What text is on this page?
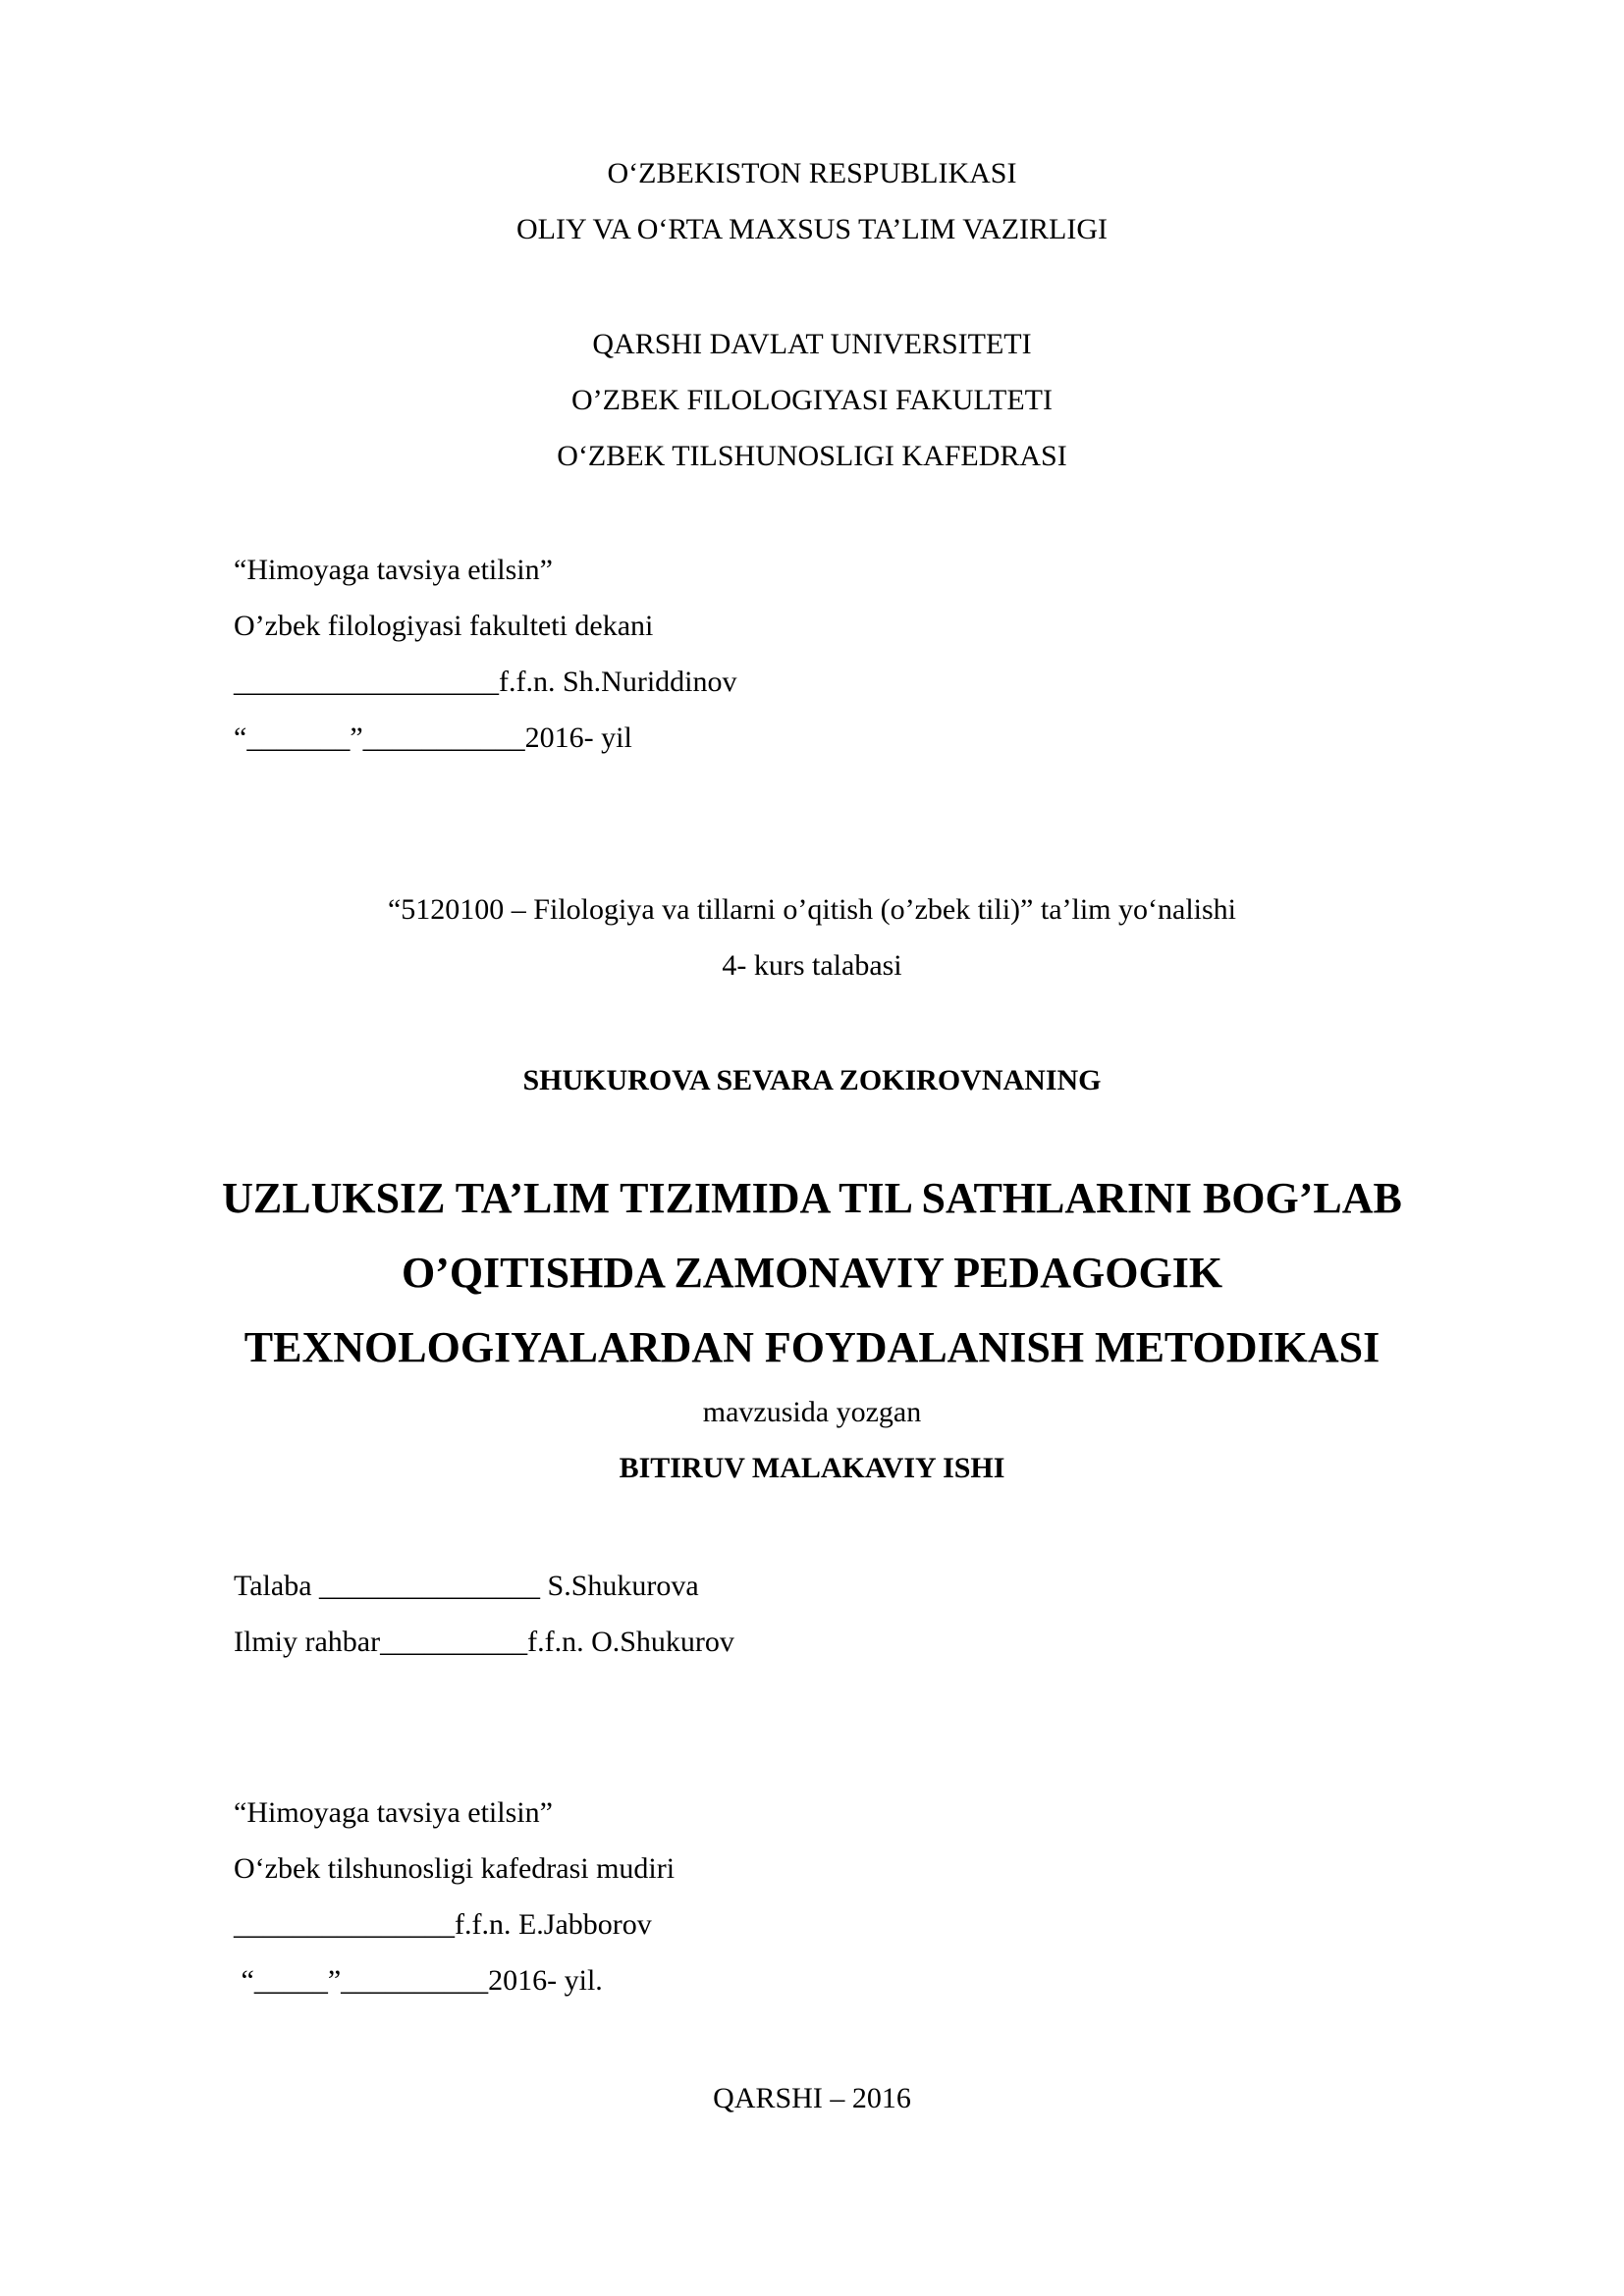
O‘ZBEKISTON RESPUBLIKASI
OLIY VA O‘RTA MAXSUS TA’LIM VAZIRLIGI
QARSHI DAVLAT UNIVERSITETI
O’ZBEK FILOLOGIYASI FAKULTETI
O‘ZBEK TILSHUNOSLIGI KAFEDRASI
“Himoyaga tavsiya etilsin”
O’zbek filologiyasi fakulteti dekani
__________________f.f.n. Sh.Nuriddinov
“_______”___________2016- yil
“5120100 – Filologiya va tillarni o’qitish (o’zbek tili)” ta’lim yo‘nalishi
4- kurs talabasi
SHUKUROVA SEVARA ZOKIROVNANING
UZLUKSIZ TA’LIM TIZIMIDA TIL SATHLARINI BOG’LAB
O’QITISHDA ZAMONAVIY PEDAGOGIK
TEXNOLOGIYALARDAN FOYDALANISH METODIKASI
mavzusida yozgan
BITIRUV MALAKAVIY ISHI
Talaba _______________ S.Shukurova
Ilmiy rahbar__________f.f.n. O.Shukurov
“Himoyaga tavsiya etilsin”
O‘zbek tilshunosligi kafedrasi mudiri
_______________f.f.n. E.Jabborov
“_____”__________2016- yil.
QARSHI – 2016
